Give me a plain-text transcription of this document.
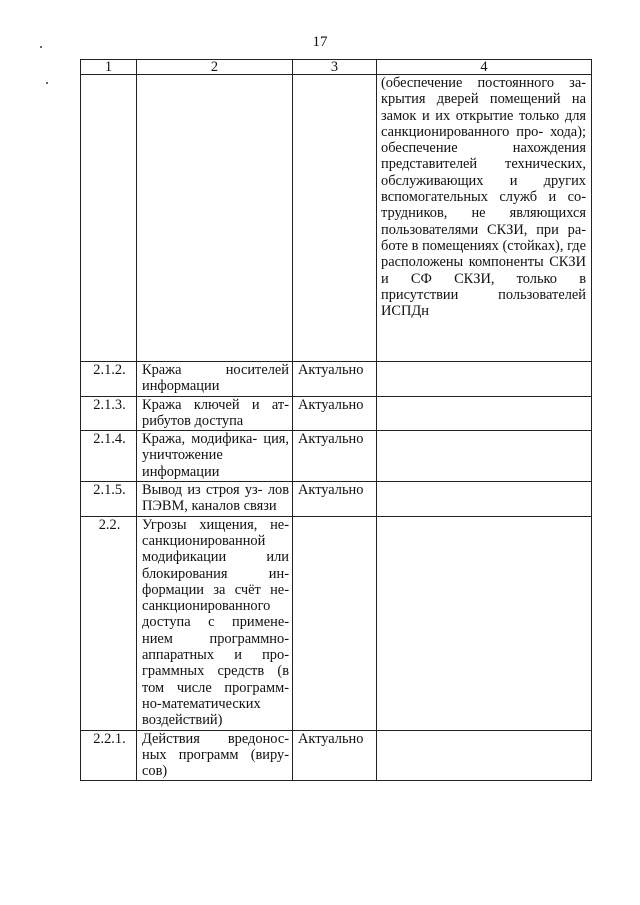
17
1	2	3	4
			(обеспечение постоянного за- крытия дверей помещений на замок и их открытие только для санкционированного про- хода); обеспечение нахождения представителей технических, обслуживающих и других вспомогательных служб и со- трудников, не являющихся пользователями СКЗИ, при ра- боте в помещениях (стойках), где расположены компоненты СКЗИ и СФ СКЗИ, только в присутствии пользователей ИСПДн
2.1.2.	Кража носителей информации	Актуально	
2.1.3.	Кража ключей и ат- рибутов доступа	Актуально	
2.1.4.	Кража, модифика- ция, уничтожение информации	Актуально	
2.1.5.	Вывод из строя уз- лов ПЭВМ, каналов связи	Актуально	
2.2.	Угрозы хищения, не- санкционированной модификации или блокирования ин- формации за счёт не- санкционированного доступа с примене- нием программно- аппаратных и про- граммных средств (в том числе программ- но-математических воздействий)		
2.2.1.	Действия вредонос- ных программ (виру- сов)	Актуально	
